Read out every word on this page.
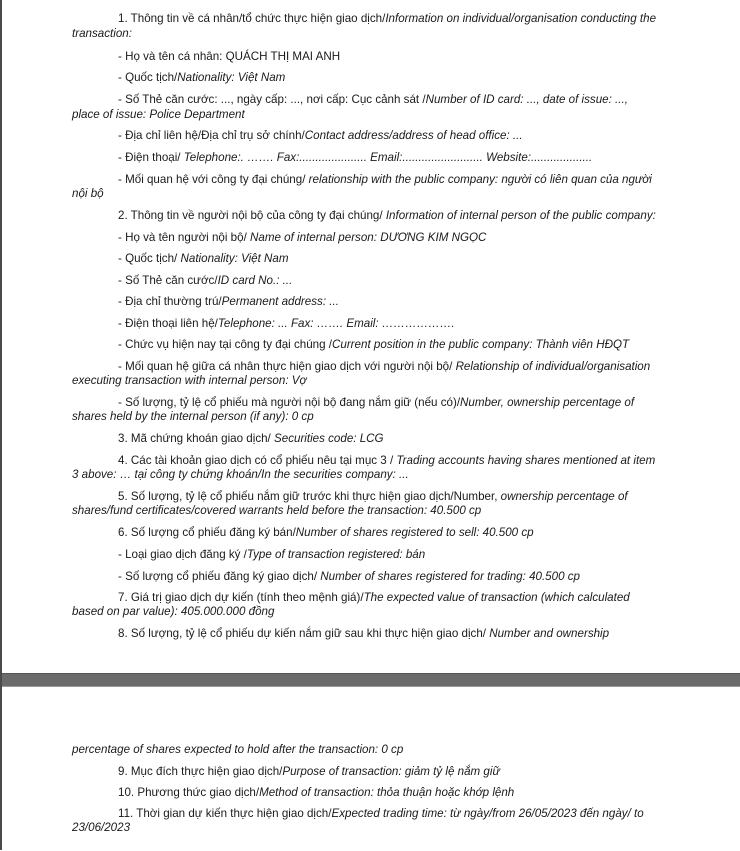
1. Thông tin về cá nhân/tổ chức thực hiện giao dịch/Information on individual/organisation conducting the
transaction:
- Họ và tên cá nhân: QUÁCH THỊ MAI ANH
- Quốc tịch/Nationality: Việt Nam
- Số Thẻ căn cước: ..., ngày cấp: ..., nơi cấp: Cục cảnh sát /Number of ID card: ..., date of issue: ...,
place of issue: Police Department
- Địa chỉ liên hệ/Địa chỉ trụ sở chính/Contact address/address of head office: ...
- Điện thoại/ Telephone:. ……. Fax:..................... Email:......................... Website:...................
- Mối quan hệ với công ty đại chúng/ relationship with the public company: người có liên quan của người
nội bộ
2. Thông tin về người nội bộ của công ty đại chúng/ Information of internal person of the public company:
- Họ và tên người nội bộ/ Name of internal person: DƯƠNG KIM NGỌC
- Quốc tịch/ Nationality: Việt Nam
- Số Thẻ căn cước/ID card No.: ...
- Địa chỉ thường trú/Permanent address: ...
- Điện thoại liên hệ/Telephone: ... Fax: ……. Email: ……………….
- Chức vụ hiện nay tại công ty đại chúng /Current position in the public company: Thành viên HĐQT
- Mối quan hệ giữa cá nhân thực hiện giao dịch với người nội bộ/ Relationship of individual/organisation
executing transaction with internal person: Vợ
- Số lượng, tỷ lệ cổ phiếu mà người nội bộ đang nắm giữ (nếu có)/Number, ownership percentage of
shares held by the internal person (if any): 0 cp
3. Mã chứng khoán giao dịch/ Securities code: LCG
4. Các tài khoản giao dịch có cổ phiếu nêu tại mục 3 / Trading accounts having shares mentioned at item
3 above: … tại công ty chứng khoán/In the securities company: ...
5. Số lượng, tỷ lệ cổ phiếu nắm giữ trước khi thực hiện giao dịch/Number, ownership percentage of
shares/fund certificates/covered warrants held before the transaction: 40.500 cp
6. Số lượng cổ phiếu đăng ký bán/Number of shares registered to sell: 40.500 cp
- Loại giao dịch đăng ký /Type of transaction registered: bán
- Số lượng cổ phiếu đăng ký giao dịch/ Number of shares registered for trading: 40.500 cp
7. Giá trị giao dịch dự kiến (tính theo mệnh giá)/The expected value of transaction (which calculated
based on par value): 405.000.000 đồng
8. Số lượng, tỷ lệ cổ phiếu dự kiến nắm giữ sau khi thực hiện giao dịch/ Number and ownership
percentage of shares expected to hold after the transaction: 0 cp
9. Mục đích thực hiện giao dịch/Purpose of transaction: giảm tỷ lệ nắm giữ
10. Phương thức giao dịch/Method of transaction: thỏa thuận hoặc khớp lệnh
11. Thời gian dự kiến thực hiện giao dịch/Expected trading time: từ ngày/from 26/05/2023 đến ngày/ to
23/06/2023
